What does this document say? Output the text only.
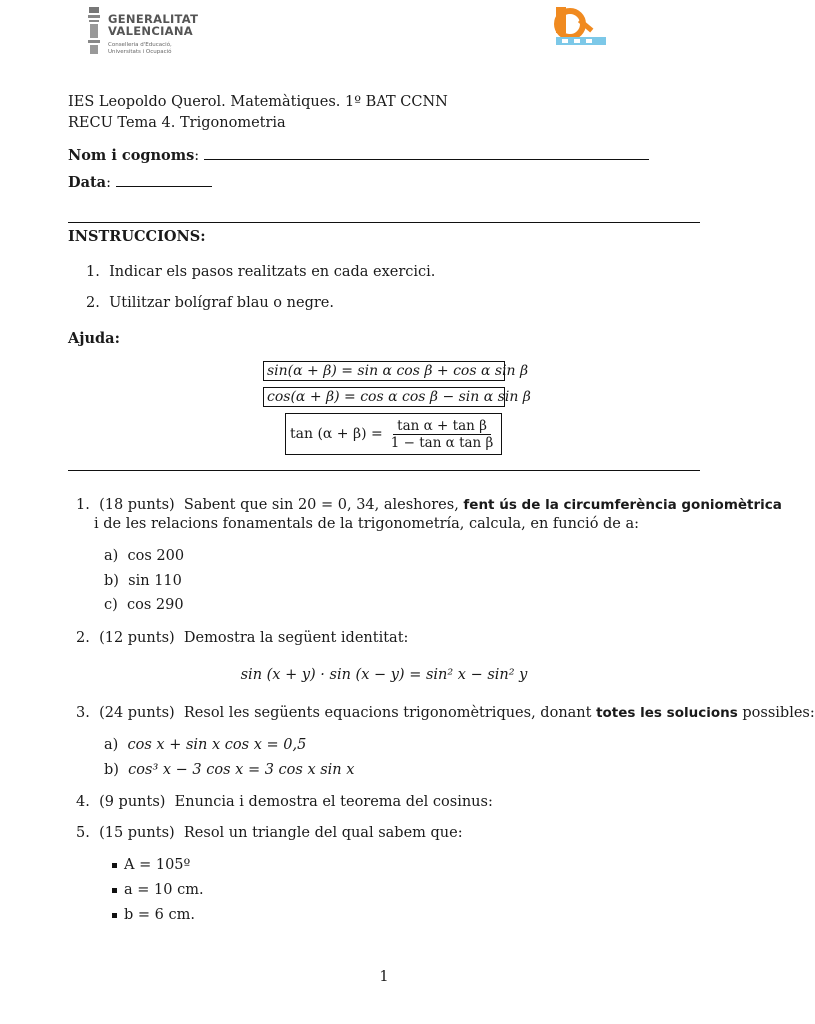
GENERALITAT
VALENCIANA
Conselleria d'Educació,
Universitats i Ocupació
IES Leopoldo Querol. Matemàtiques. 1º BAT CCNN
RECU Tema 4. Trigonometria
Nom i cognoms:
Data:
INSTRUCCIONS:
1.  Indicar els pasos realitzats en cada exercici.
2.  Utilitzar bolígraf blau o negre.
Ajuda:
sin(α + β) = sin α cos β + cos α sin β
cos(α + β) = cos α cos β − sin α sin β
$\tan (\alpha + \beta) = \frac{\text{tan α + tan β}}{\text{1 − tan α tan β}}$
1. (18 punts) Sabent que sin 20 = 0, 34, aleshores, fent ús de la circumferència goniomètrica
i de les relacions fonamentals de la trigonometría, calcula, en funció de a:
a) cos 200
b) sin 110
c) cos 290
2. (12 punts) Demostra la següent identitat:
sin (x + y) · sin (x − y) = sin² x − sin² y
3. (24 punts) Resol les següents equacions trigonomètriques, donant totes les solucions possibles:
a) cos x + sin x cos x = 0,5
b) cos³ x − 3 cos x = 3 cos x sin x
4. (9 punts) Enuncia i demostra el teorema del cosinus:
5. (15 punts) Resol un triangle del qual sabem que:
A = 105º
a = 10 cm.
b = 6 cm.
1
